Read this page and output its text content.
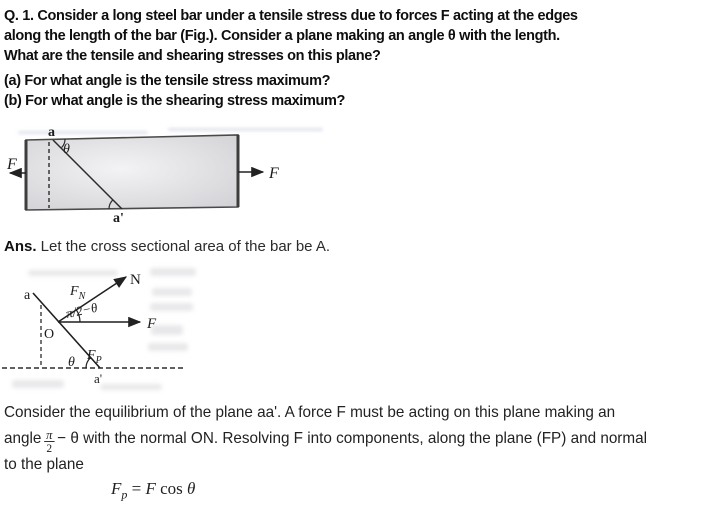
Q. 1. Consider a long steel bar under a tensile stress due to forces F acting at the edges
along the length of the bar (Fig.). Consider a plane making an angle θ with the length.
What are the tensile and shearing stresses on this plane?
(a) For what angle is the tensile stress maximum?
(b) For what angle is the shearing stress maximum?
a
θ
F
F
a'
Ans. Let the cross sectional area of the bar be A.
a	$F_N$
N
π/2−θ
F
O
θ $F_P$
a'
Consider the equilibrium of the plane aa'. A force F must be acting on this plane making an
angle $\frac{\pi}{2} - \theta$ with the normal ON. Resolving F into components, along the plane (FP) and normal
to the plane
$F_p = F$ cos θ
